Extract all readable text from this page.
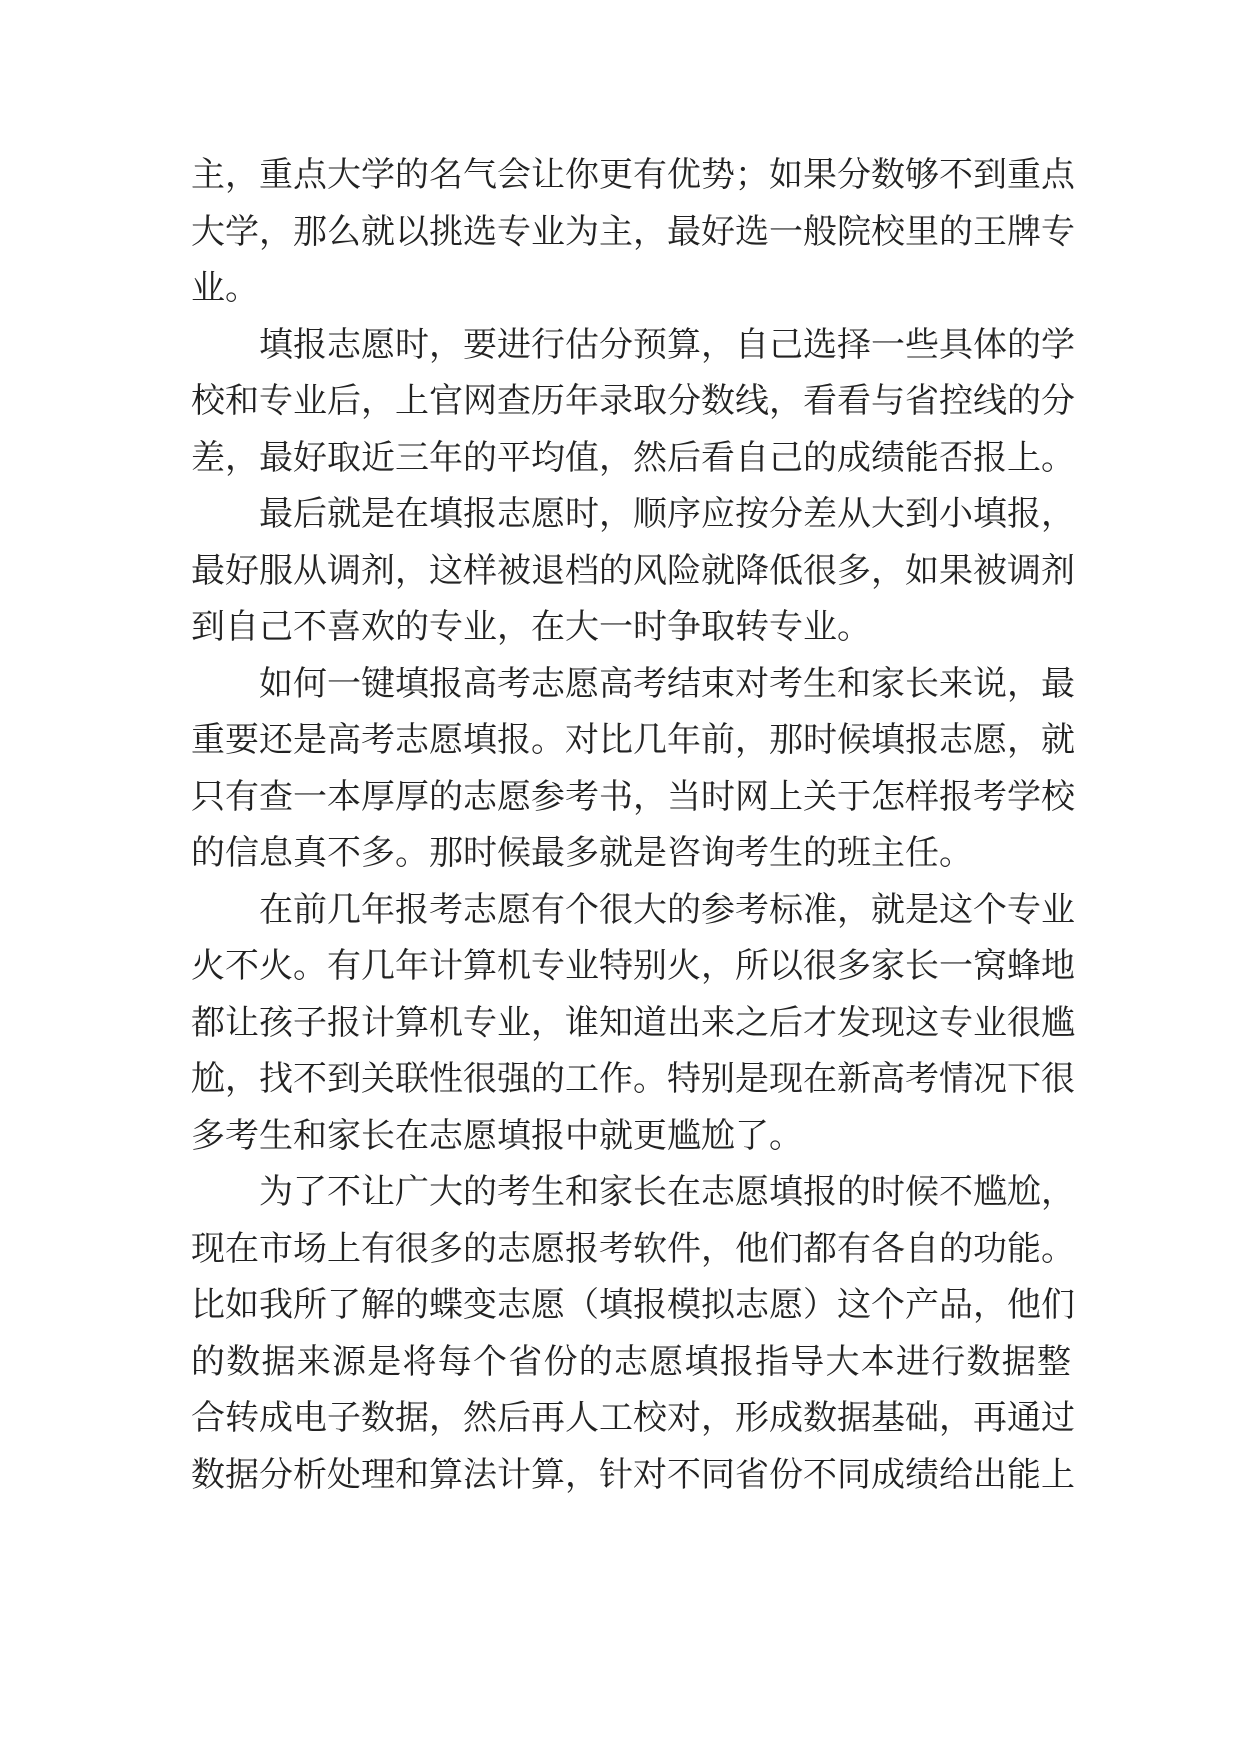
主，重点大学的名气会让你更有优势；如果分数够不到重点
大学，那么就以挑选专业为主，最好选一般院校里的王牌专
业。
填报志愿时，要进行估分预算，自己选择一些具体的学
校和专业后，上官网查历年录取分数线，看看与省控线的分
差，最好取近三年的平均值，然后看自己的成绩能否报上。
最后就是在填报志愿时，顺序应按分差从大到小填报，
最好服从调剂，这样被退档的风险就降低很多，如果被调剂
到自己不喜欢的专业，在大一时争取转专业。
如何一键填报高考志愿高考结束对考生和家长来说，最
重要还是高考志愿填报。对比几年前，那时候填报志愿，就
只有查一本厚厚的志愿参考书，当时网上关于怎样报考学校
的信息真不多。那时候最多就是咨询考生的班主任。
在前几年报考志愿有个很大的参考标准，就是这个专业
火不火。有几年计算机专业特别火，所以很多家长一窝蜂地
都让孩子报计算机专业，谁知道出来之后才发现这专业很尴
尬，找不到关联性很强的工作。特别是现在新高考情况下很
多考生和家长在志愿填报中就更尴尬了。
为了不让广大的考生和家长在志愿填报的时候不尴尬，
现在市场上有很多的志愿报考软件，他们都有各自的功能。
比如我所了解的蝶变志愿（填报模拟志愿）这个产品，他们
的数据来源是将每个省份的志愿填报指导大本进行数据整
合转成电子数据，然后再人工校对，形成数据基础，再通过
数据分析处理和算法计算，针对不同省份不同成绩给出能上
